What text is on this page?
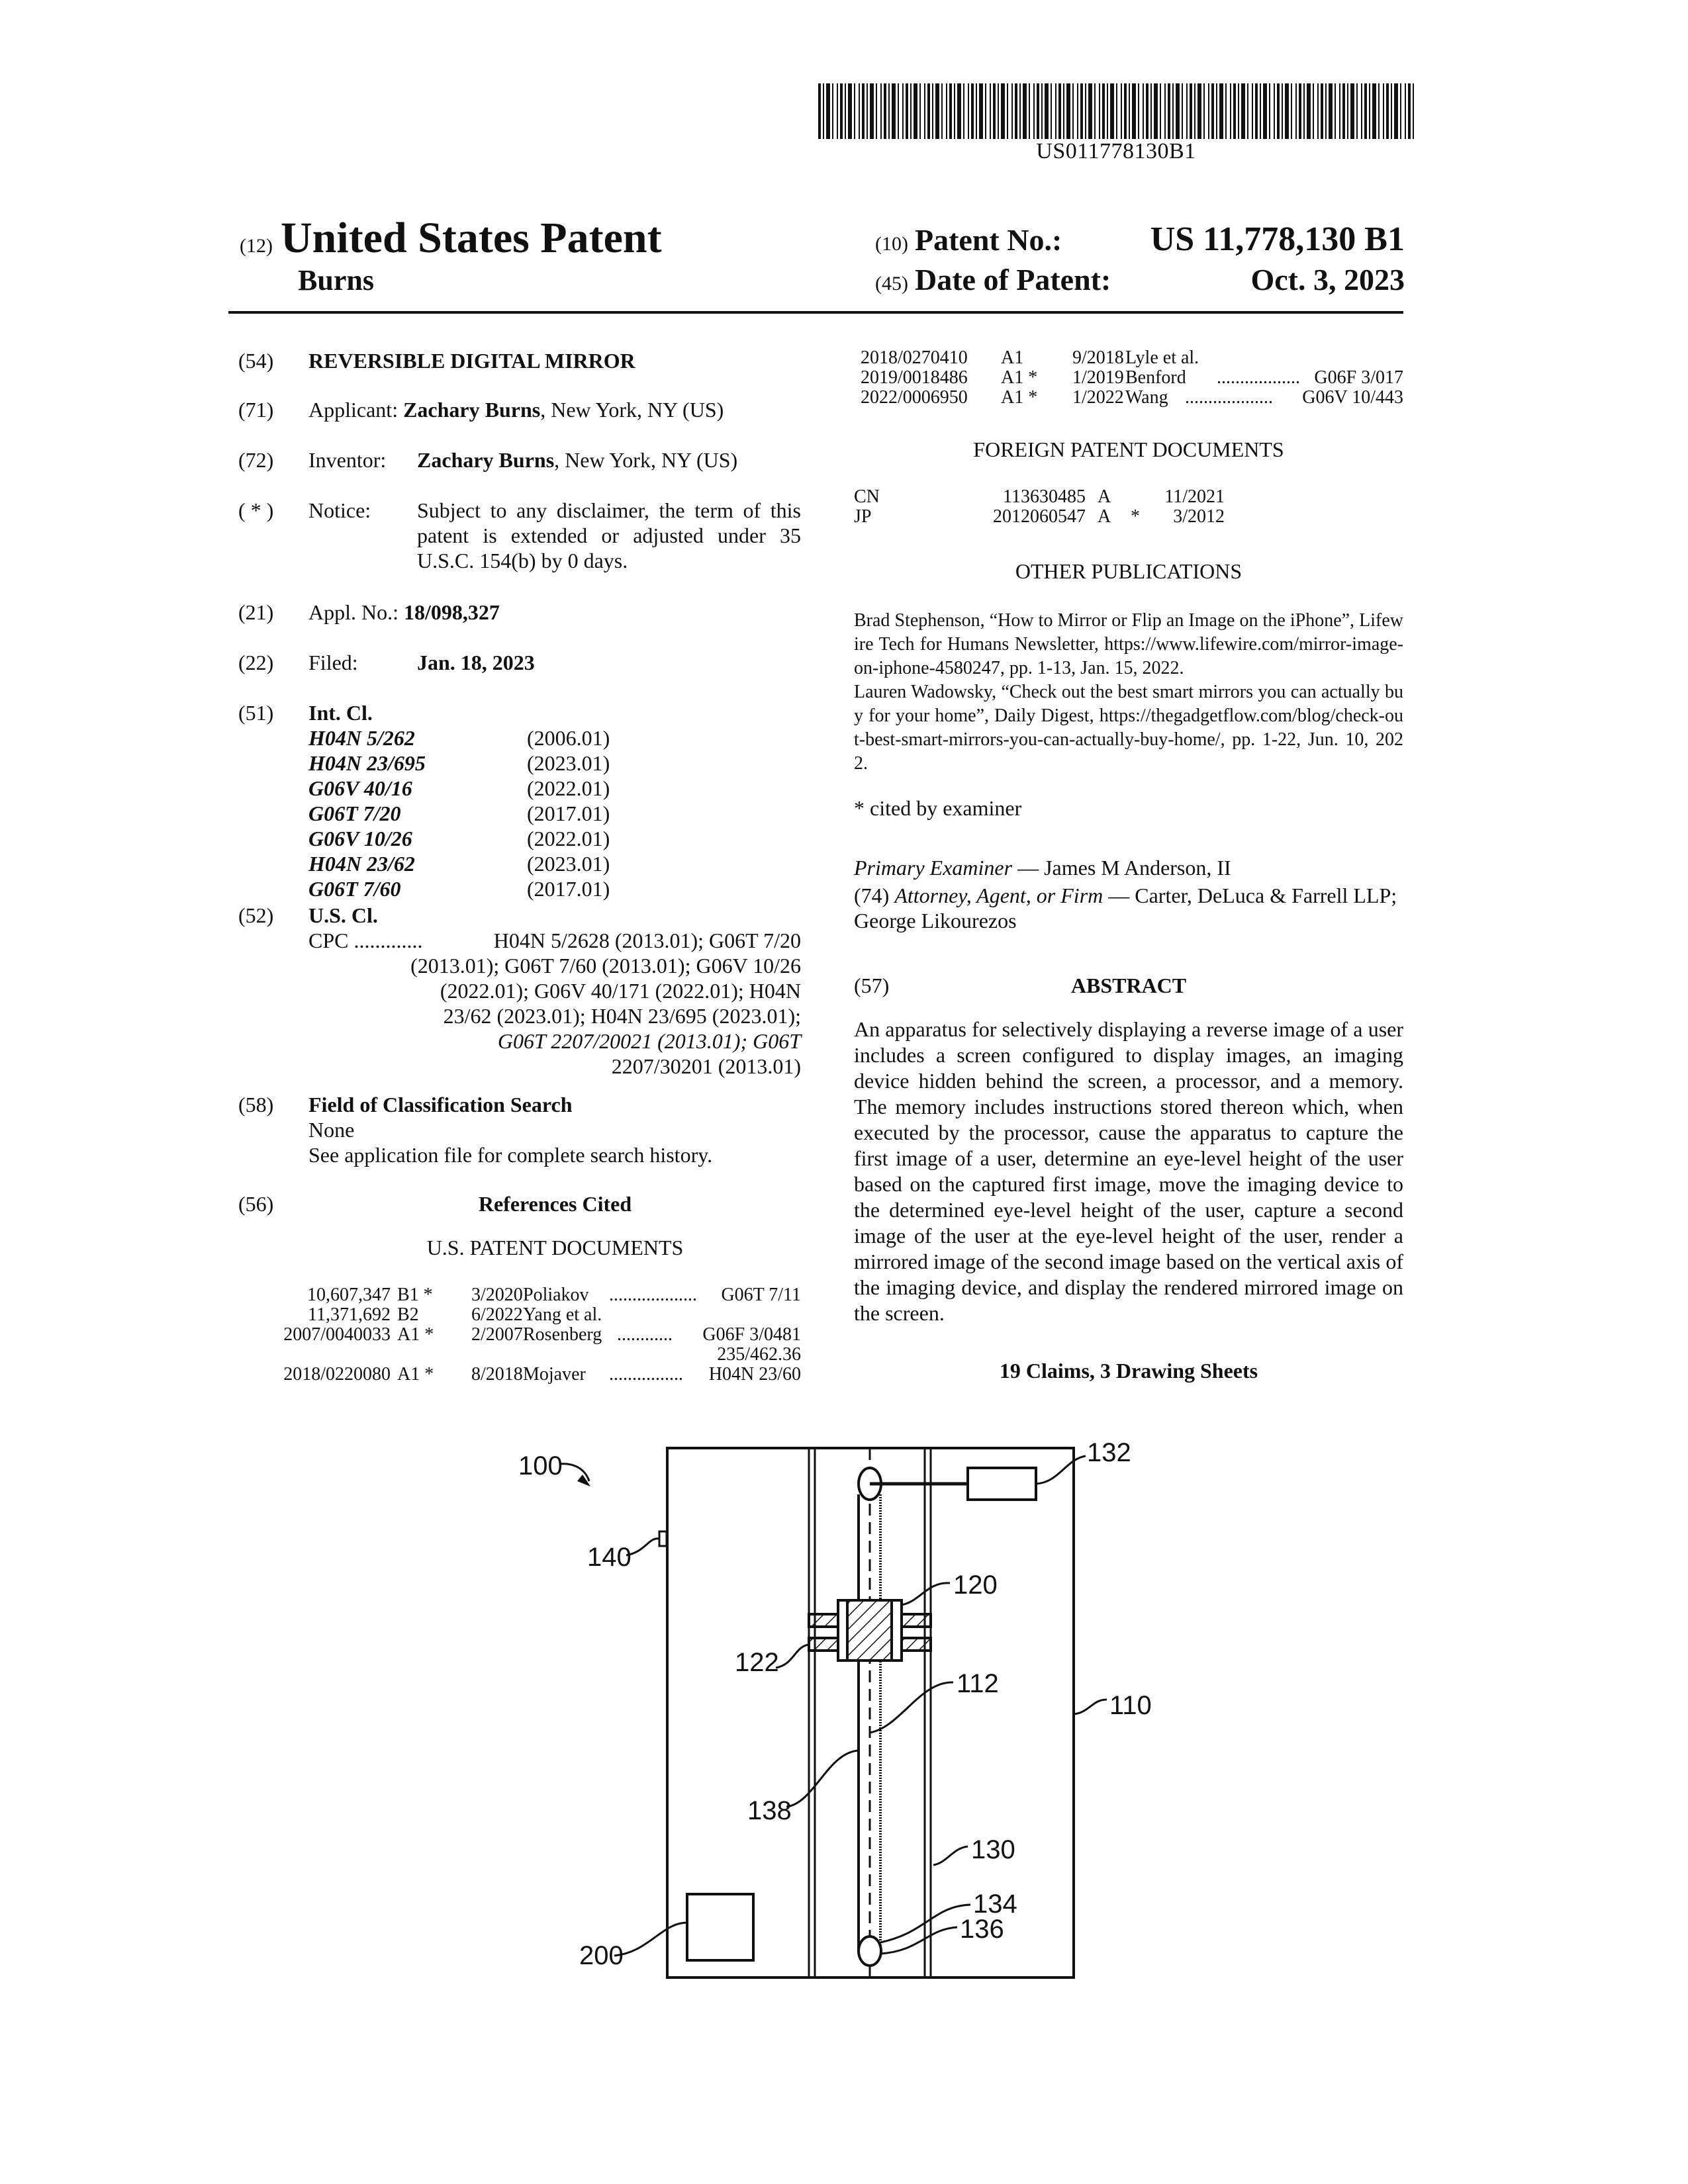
US011778130B1
(12) United States Patent
Burns
(10) Patent No.:	US 11,778,130 B1
(45) Date of Patent:	Oct. 3, 2023
(54) REVERSIBLE DIGITAL MIRROR
(71) Applicant: Zachary Burns, New York, NY (US)
(72) Inventor: Zachary Burns, New York, NY (US)
( * ) Notice: Subject to any disclaimer, the term of this patent is extended or adjusted under 35 U.S.C. 154(b) by 0 days.
(21) Appl. No.: 18/098,327
(22) Filed:	Jan. 18, 2023
(51) Int. Cl.
H04N 5/262	(2006.01)
H04N 23/695	(2023.01)
G06V 40/16	(2022.01)
G06T 7/20	(2017.01)
G06V 10/26	(2022.01)
H04N 23/62	(2023.01)
G06T 7/60	(2017.01)
(52) U.S. Cl.
CPC .............	H04N 5/2628 (2013.01); G06T 7/20
(2013.01); G06T 7/60 (2013.01); G06V 10/26
(2022.01); G06V 40/171 (2022.01); H04N
23/62 (2023.01); H04N 23/695 (2023.01);
G06T 2207/20021 (2013.01); G06T
2207/30201 (2013.01)
(58) Field of Classification Search
None
See application file for complete search history.
(56)	References Cited
U.S. PATENT DOCUMENTS
10,607,347 B1 * 3/2020 Poliakov ................... G06T 7/11
11,371,692 B2	6/2022 Yang et al.
2007/0040033 A1 * 2/2007 Rosenberg ............ G06F 3/0481
235/462.36
2018/0220080 A1 * 8/2018 Mojaver ................ H04N 23/60
2018/0270410 A1	9/2018 Lyle et al.
2019/0018486 A1 * 1/2019 Benford .................. G06F 3/017
2022/0006950 A1 * 1/2022 Wang ................... G06V 10/443
FOREIGN PATENT DOCUMENTS
CN	113630485 A	11/2021
JP	2012060547 A * 3/2012
OTHER PUBLICATIONS
Brad Stephenson, “How to Mirror or Flip an Image on the iPhone”, Lifewire Tech for Humans Newsletter, https://www.lifewire.com/mirror-image-on-iphone-4580247, pp. 1-13, Jan. 15, 2022.
Lauren Wadowsky, “Check out the best smart mirrors you can actually buy for your home”, Daily Digest, https://thegadgetflow.com/blog/check-out-best-smart-mirrors-you-can-actually-buy-home/, pp. 1-22, Jun. 10, 2022.
* cited by examiner
Primary Examiner — James M Anderson, II
(74) Attorney, Agent, or Firm — Carter, DeLuca & Farrell LLP; George Likourezos
(57)	ABSTRACT
An apparatus for selectively displaying a reverse image of a user includes a screen configured to display images, an imaging device hidden behind the screen, a processor, and a memory. The memory includes instructions stored thereon which, when executed by the processor, cause the apparatus to capture the first image of a user, determine an eye-level height of the user based on the captured first image, move the imaging device to the determined eye-level height of the user, capture a second image of the user at the eye-level height of the user, render a mirrored image of the second image based on the vertical axis of the imaging device, and display the rendered mirrored image on the screen.
19 Claims, 3 Drawing Sheets
100
140
132
120
122
112
110
138
130
134
136
200
